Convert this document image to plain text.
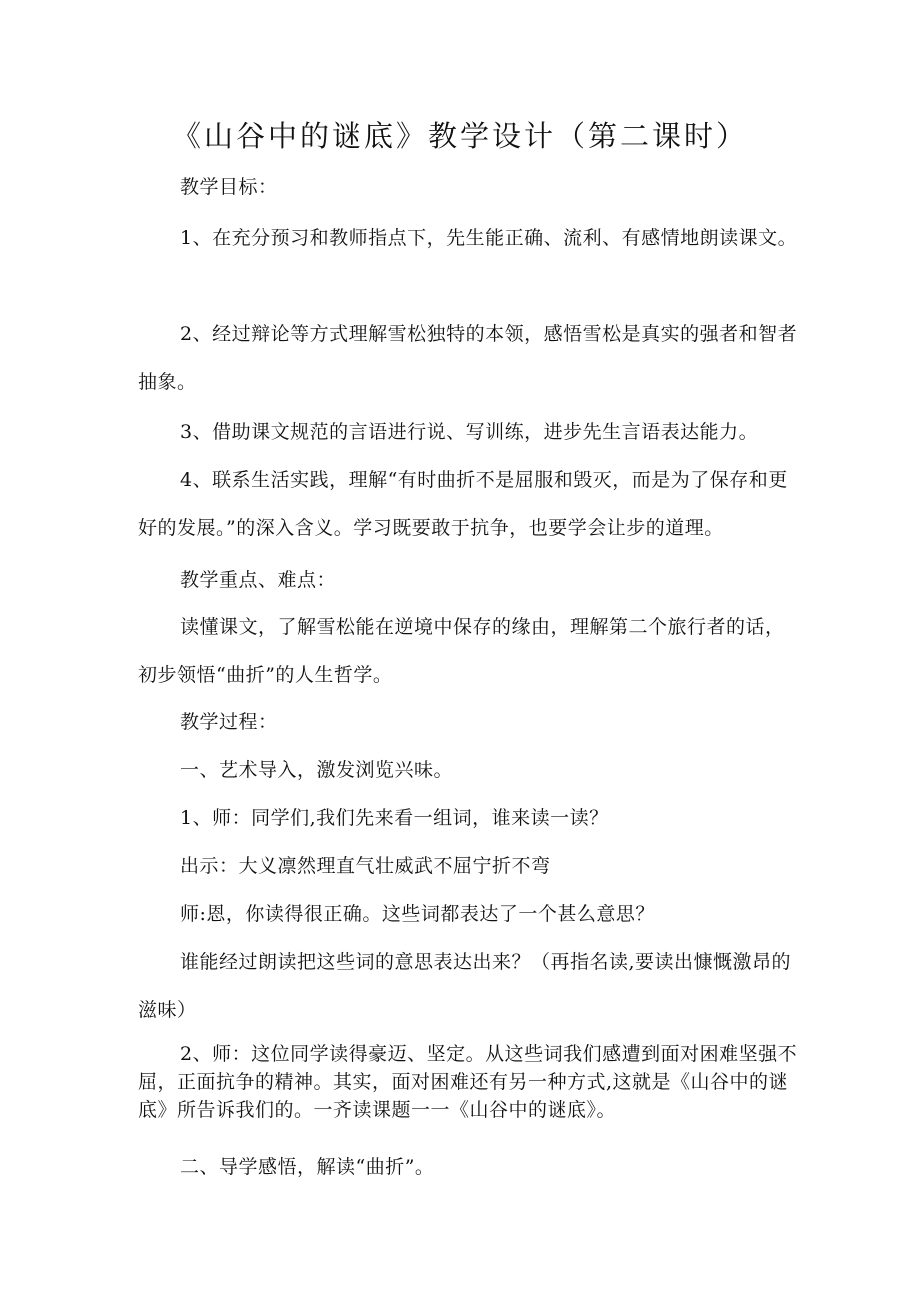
《山谷中的谜底》教学设计（第二课时）

教学目标：

1、在充分预习和教师指点下，先生能正确、流利、有感情地朗读课文。

2、经过辩论等方式理解雪松独特的本领，感悟雪松是真实的强者和智者抽象。

3、借助课文规范的言语进行说、写训练，进步先生言语表达能力。

4、联系生活实践，理解“有时曲折不是屈服和毁灭，而是为了保存和更好的发展。”的深入含义。学习既要敢于抗争，也要学会让步的道理。

教学重点、难点：

读懂课文，了解雪松能在逆境中保存的缘由，理解第二个旅行者的话，初步领悟“曲折”的人生哲学。

教学过程：

一、艺术导入，激发浏览兴味。

1、师：同学们,我们先来看一组词，谁来读一读？

出示：大义凛然理直气壮威武不屈宁折不弯

师:恩，你读得很正确。这些词都表达了一个甚么意思？

谁能经过朗读把这些词的意思表达出来？（再指名读,要读出慷慨激昂的滋味）

2、师：这位同学读得豪迈、坚定。从这些词我们感遭到面对困难坚强不屈，正面抗争的精神。其实，面对困难还有另一种方式,这就是《山谷中的谜底》所告诉我们的。一齐读课题一一《山谷中的谜底》。

二、导学感悟，解读“曲折”。
